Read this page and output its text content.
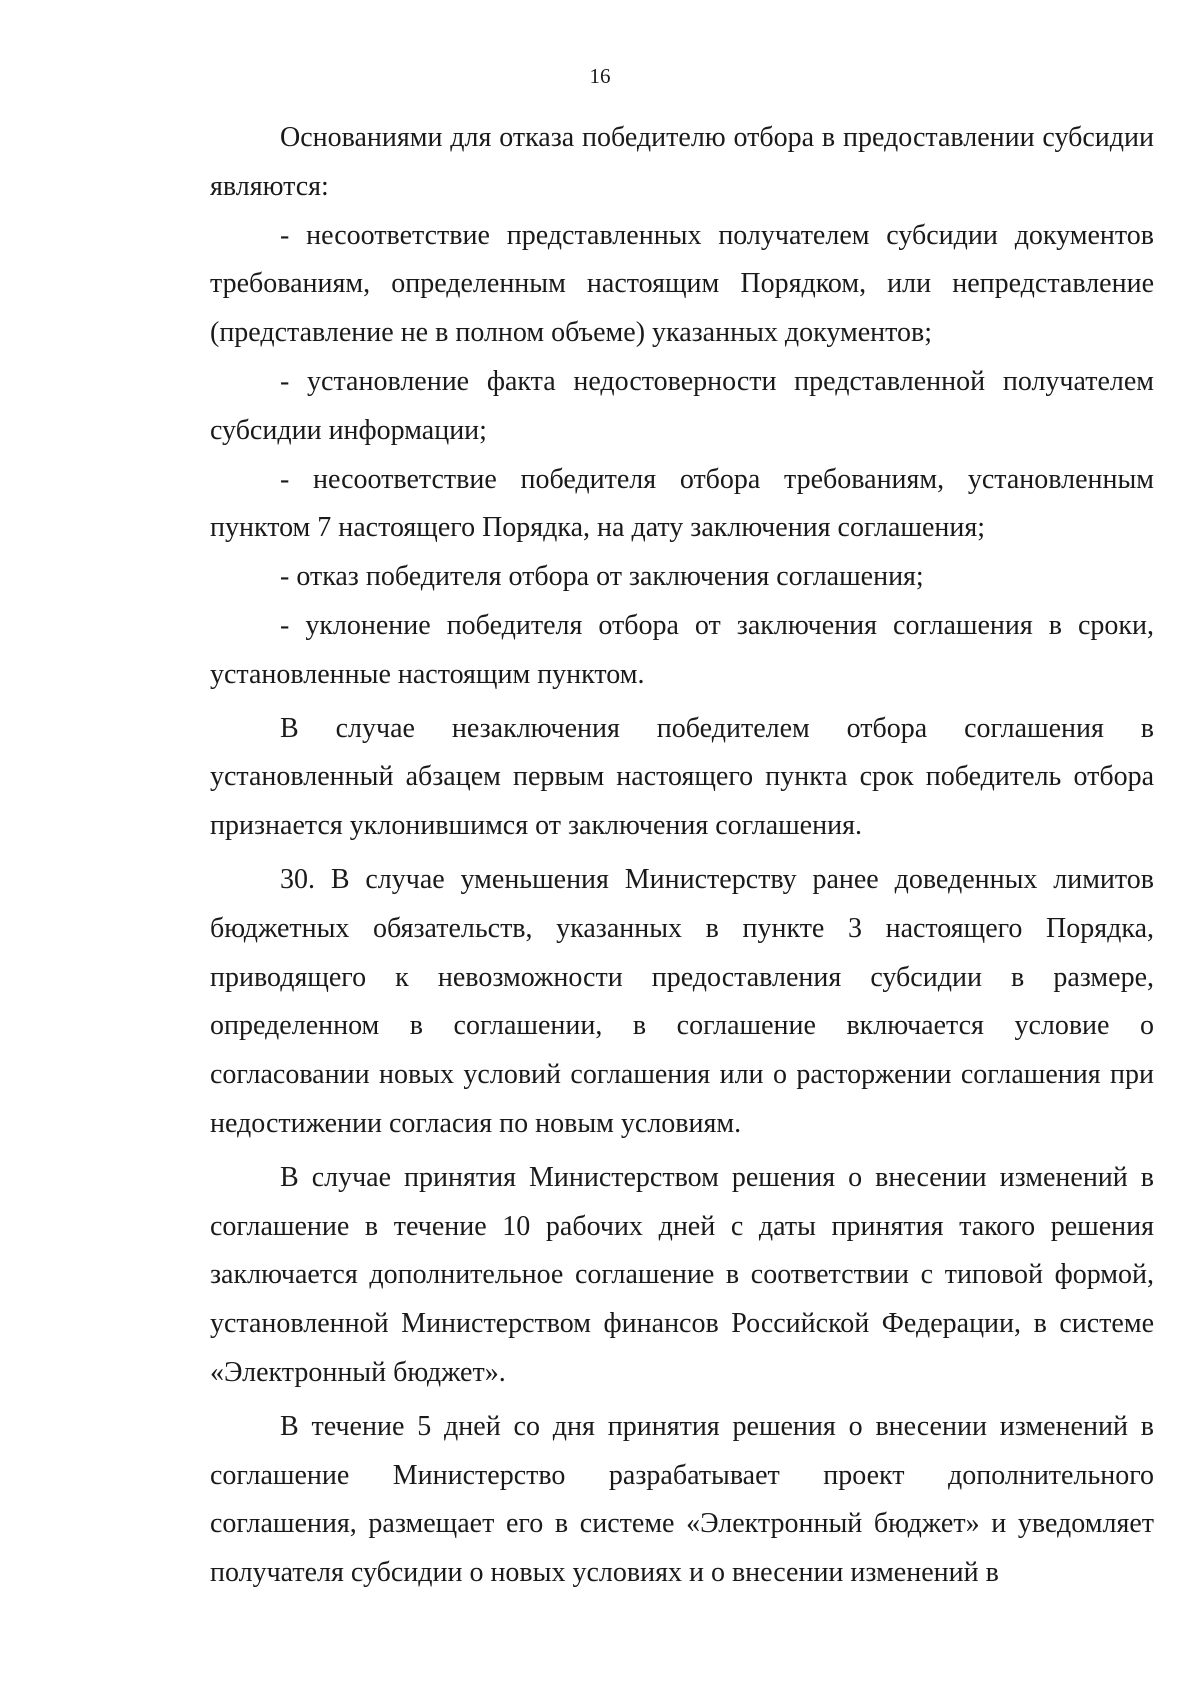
16

Основаниями для отказа победителю отбора в предоставлении субсидии являются:

- несоответствие представленных получателем субсидии документов требованиям, определенным настоящим Порядком, или непредставление (представление не в полном объеме) указанных документов;

- установление факта недостоверности представленной получателем субсидии информации;

- несоответствие победителя отбора требованиям, установленным пунктом 7 настоящего Порядка, на дату заключения соглашения;

- отказ победителя отбора от заключения соглашения;

- уклонение победителя отбора от заключения соглашения в сроки, установленные настоящим пунктом.

В случае незаключения победителем отбора соглашения в установленный абзацем первым настоящего пункта срок победитель отбора признается уклонившимся от заключения соглашения.

30. В случае уменьшения Министерству ранее доведенных лимитов бюджетных обязательств, указанных в пункте 3 настоящего Порядка, приводящего к невозможности предоставления субсидии в размере, определенном в соглашении, в соглашение включается условие о согласовании новых условий соглашения или о расторжении соглашения при недостижении согласия по новым условиям.

В случае принятия Министерством решения о внесении изменений в соглашение в течение 10 рабочих дней с даты принятия такого решения заключается дополнительное соглашение в соответствии с типовой формой, установленной Министерством финансов Российской Федерации, в системе «Электронный бюджет».

В течение 5 дней со дня принятия решения о внесении изменений в соглашение Министерство разрабатывает проект дополнительного соглашения, размещает его в системе «Электронный бюджет» и уведомляет получателя субсидии о новых условиях и о внесении изменений в
